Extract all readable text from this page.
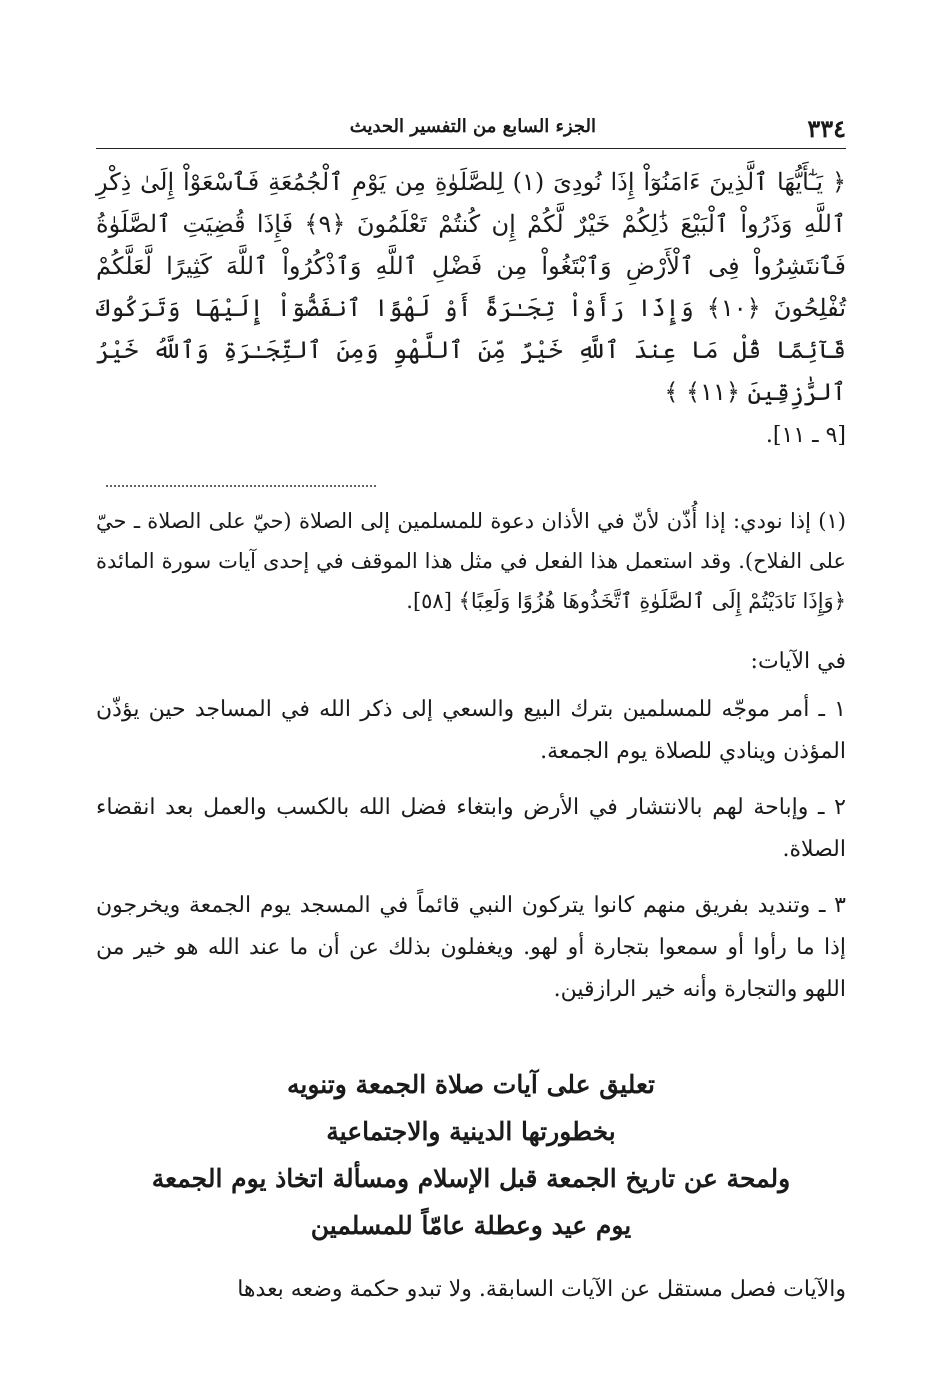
٣٣٤
الجزء السابع من التفسير الحديث
﴿ يَـٰٓأَيُّهَا ٱلَّذِينَ ءَامَنُوٓاْ إِذَا نُودِىَ (١) لِلصَّلَوٰةِ مِن يَوْمِ ٱلْجُمُعَةِ فَٱسْعَوْاْ إِلَىٰ ذِكْرِ ٱللَّهِ وَذَرُواْ ٱلْبَيْعَ ذَٰلِكُمْ خَيْرٌ لَّكُمْ إِن كُنتُمْ تَعْلَمُونَ ﴿٩﴾ فَإِذَا قُضِيَتِ ٱلصَّلَوٰةُ فَٱنتَشِرُواْ فِى ٱلْأَرْضِ وَٱبْتَغُواْ مِن فَضْلِ ٱللَّهِ وَٱذْكُرُواْ ٱللَّهَ كَثِيرًا لَّعَلَّكُمْ تُفْلِحُونَ ﴿١٠﴾ وَإِذَا رَأَوْاْ تِجَـٰرَةً أَوْ لَهْوًا ٱنفَضُّوٓاْ إِلَيْهَا وَتَرَكُوكَ قَآئِمًا قُلْ مَا عِندَ ٱللَّهِ خَيْرٌ مِّنَ ٱللَّهْوِ وَمِنَ ٱلتِّجَـٰرَةِ وَٱللَّهُ خَيْرُ ٱلرَّٰزِقِينَ ﴿١١﴾ ﴾
[٩ ـ ١١].
(١) إذا نودي: إذا أُذّن لأنّ في الأذان دعوة للمسلمين إلى الصلاة (حيّ على الصلاة ـ حيّ على الفلاح). وقد استعمل هذا الفعل في مثل هذا الموقف في إحدى آيات سورة المائدة ﴿وَإِذَا نَادَيْتُمْ إِلَى ٱلصَّلَوٰةِ ٱتَّخَذُوهَا هُزُوًا وَلَعِبًا﴾ [٥٨].

في الآيات:

١ ـ أمر موجّه للمسلمين بترك البيع والسعي إلى ذكر الله في المساجد حين يؤذّن المؤذن وينادي للصلاة يوم الجمعة.

٢ ـ وإباحة لهم بالانتشار في الأرض وابتغاء فضل الله بالكسب والعمل بعد انقضاء الصلاة.

٣ ـ وتنديد بفريق منهم كانوا يتركون النبي قائماً في المسجد يوم الجمعة ويخرجون إذا ما رأوا أو سمعوا بتجارة أو لهو. ويغفلون بذلك عن أن ما عند الله هو خير من اللهو والتجارة وأنه خير الرازقين.

تعليق على آيات صلاة الجمعة وتنويه
بخطورتها الدينية والاجتماعية
ولمحة عن تاريخ الجمعة قبل الإسلام ومسألة اتخاذ يوم الجمعة
يوم عيد وعطلة عامّاً للمسلمين

والآيات فصل مستقل عن الآيات السابقة. ولا تبدو حكمة وضعه بعدها
